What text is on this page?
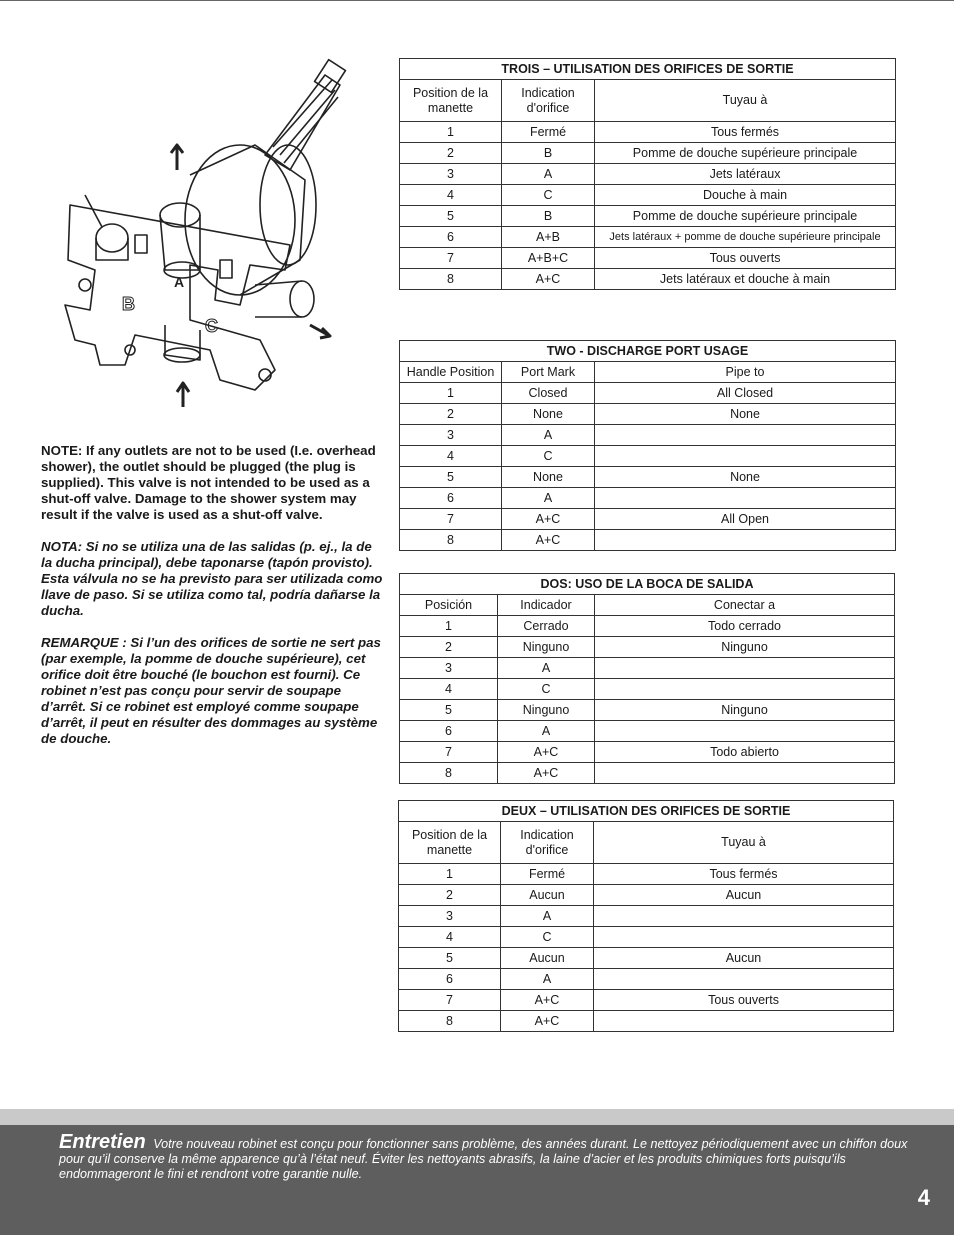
A
B
C

NOTE: If any outlets are not to be used (I.e. overhead shower), the outlet should be plugged (the plug is supplied). This valve is not intended to be used as a shut-off valve. Damage to the shower system may result if the valve is used as a shut-off valve.

NOTA: Si no se utiliza una de las salidas (p. ej., la de la ducha principal), debe taponarse (tapón provisto). Esta válvula no se ha previsto para ser utilizada como llave de paso. Si se utiliza como tal, podría dañarse la ducha.

REMARQUE : Si l’un des orifices de sortie ne sert pas (par exemple, la pomme de douche supérieure), cet orifice doit être bouché (le bouchon est fourni). Ce robinet n’est pas conçu pour servir de soupape d’arrêt. Si ce robinet est employé comme soupape d’arrêt, il peut en résulter des dommages au système de douche.

TROIS – UTILISATION DES ORIFICES DE SORTIE		
Position de la manette	Indication d'orifice	Tuyau à
1	Fermé	Tous fermés
2	B	Pomme de douche supérieure principale
3	A	Jets latéraux
4	C	Douche à main
5	B	Pomme de douche supérieure principale
6	A+B	Jets latéraux + pomme de douche supérieure principale
7	A+B+C	Tous ouverts
8	A+C	Jets latéraux et douche à main
TWO - DISCHARGE PORT USAGE		
Handle Position	Port Mark	Pipe to
1	Closed	All Closed
2	None	None
3	A	
4	C	
5	None	None
6	A	
7	A+C	All Open
8	A+C	
DOS: USO DE LA BOCA DE SALIDA		
Posición	Indicador	Conectar a
1	Cerrado	Todo cerrado
2	Ninguno	Ninguno
3	A	
4	C	
5	Ninguno	Ninguno
6	A	
7	A+C	Todo abierto
8	A+C	
DEUX – UTILISATION DES ORIFICES DE SORTIE		
Position de la manette	Indication d'orifice	Tuyau à
1	Fermé	Tous fermés
2	Aucun	Aucun
3	A	
4	C	
5	Aucun	Aucun
6	A	
7	A+C	Tous ouverts
8	A+C	
Entretien Votre nouveau robinet est conçu pour fonctionner sans problème, des années durant. Le nettoyez périodiquement avec un chiffon doux pour qu’il conserve la même apparence qu’à l’état neuf. Éviter les nettoyants abrasifs, la laine d’acier et les produits chimiques forts puisqu’ils endommageront le fini et rendront votre garantie nulle.
4
